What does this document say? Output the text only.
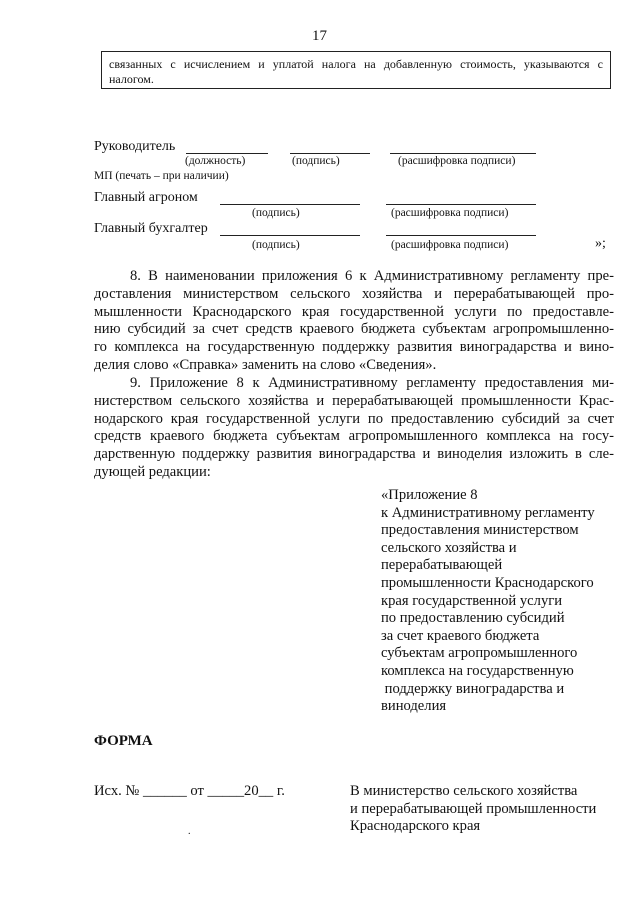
17
связанных с исчислением и уплатой налога на добавленную стоимость, указываются с
налогом.
Руководитель
(должность)	(подпись)	(расшифровка подписи)
МП (печать – при наличии)
Главный агроном
(подпись)	(расшифровка подписи)
Главный бухгалтер
(подпись)	(расшифровка подписи)	»;
8. В наименовании приложения 6 к Административному регламенту пре-
доставления министерством сельского хозяйства и перерабатывающей про-
мышленности Краснодарского края государственной услуги по предоставле-
нию субсидий за счет средств краевого бюджета субъектам агропромышленно-
го комплекса на государственную поддержку развития виноградарства и вино-
делия слово «Справка» заменить на слово «Сведения».
9. Приложение 8 к Административному регламенту предоставления ми-
нистерством сельского хозяйства и перерабатывающей промышленности Крас-
нодарского края государственной услуги по предоставлению субсидий за счет
средств краевого бюджета субъектам агропромышленного комплекса на госу-
дарственную поддержку развития виноградарства и виноделия изложить в сле-
дующей редакции:
«Приложение 8
к Административному регламенту
предоставления министерством
сельского хозяйства и
перерабатывающей
промышленности Краснодарского
края государственной услуги
по предоставлению субсидий
за счет краевого бюджета
субъектам агропромышленного
комплекса на государственную
поддержку виноградарства и
виноделия
ФОРМА
Исх. № ______ от _____20__ г.
.
В министерство сельского хозяйства
и перерабатывающей промышленности
Краснодарского края
